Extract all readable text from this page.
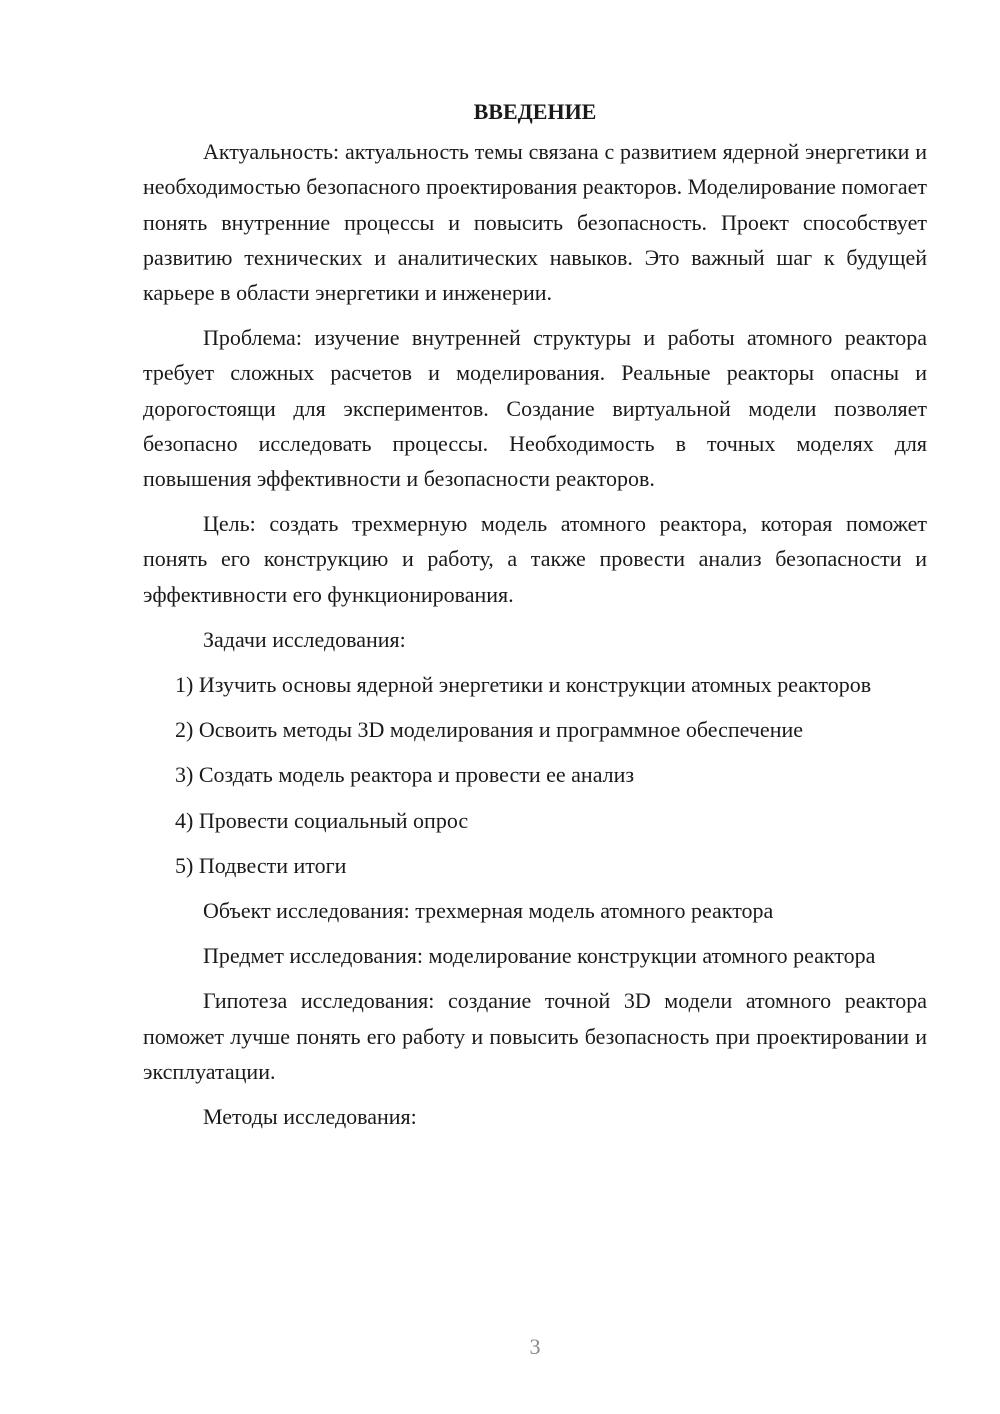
ВВЕДЕНИЕ

Актуальность: актуальность темы связана с развитием ядерной энергетики и необходимостью безопасного проектирования реакторов. Моделирование помогает понять внутренние процессы и повысить безопасность. Проект способствует развитию технических и аналитических навыков. Это важный шаг к будущей карьере в области энергетики и инженерии.

Проблема: изучение внутренней структуры и работы атомного реактора требует сложных расчетов и моделирования. Реальные реакторы опасны и дорогостоящи для экспериментов. Создание виртуальной модели позволяет безопасно исследовать процессы. Необходимость в точных моделях для повышения эффективности и безопасности реакторов.

Цель: создать трехмерную модель атомного реактора, которая поможет понять его конструкцию и работу, а также провести анализ безопасности и эффективности его функционирования.

Задачи исследования:

1) Изучить основы ядерной энергетики и конструкции атомных реакторов

2) Освоить методы 3D моделирования и программное обеспечение

3) Создать модель реактора и провести ее анализ

4) Провести социальный опрос

5) Подвести итоги

Объект исследования: трехмерная модель атомного реактора

Предмет исследования: моделирование конструкции атомного реактора

Гипотеза исследования: создание точной 3D модели атомного реактора поможет лучше понять его работу и повысить безопасность при проектировании и эксплуатации.

Методы исследования:

3
